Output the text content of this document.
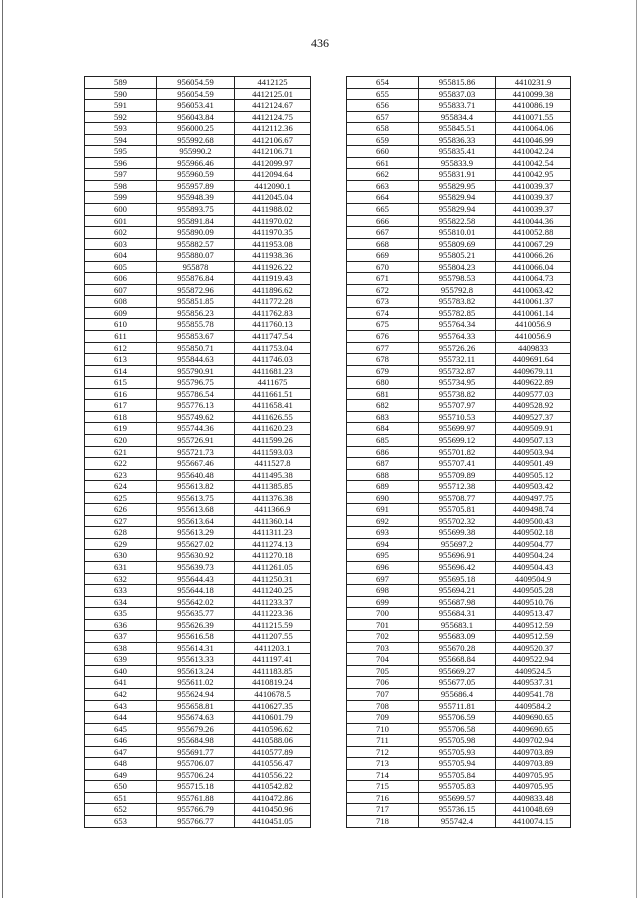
436
589	956054.59	4412125
590	956054.59	4412125.01
591	956053.41	4412124.67
592	956043.84	4412124.75
593	956000.25	4412112.36
594	955992.68	4412106.67
595	955990.2	4412106.71
596	955966.46	4412099.97
597	955960.59	4412094.64
598	955957.89	4412090.1
599	955948.39	4412045.04
600	955893.75	4411988.02
601	955891.84	4411970.02
602	955890.09	4411970.35
603	955882.57	4411953.08
604	955880.07	4411938.36
605	955878	4411926.22
606	955876.84	4411919.43
607	955872.96	4411896.62
608	955851.85	4411772.28
609	955856.23	4411762.83
610	955855.78	4411760.13
611	955853.67	4411747.54
612	955850.71	4411753.04
613	955844.63	4411746.03
614	955790.91	4411681.23
615	955796.75	4411675
616	955786.54	4411661.51
617	955776.13	4411658.41
618	955749.62	4411626.55
619	955744.36	4411620.23
620	955726.91	4411599.26
621	955721.73	4411593.03
622	955667.46	4411527.8
623	955640.48	4411495.38
624	955613.82	4411385.85
625	955613.75	4411376.38
626	955613.68	4411366.9
627	955613.64	4411360.14
628	955613.29	4411311.23
629	955627.02	4411274.13
630	955630.92	4411270.18
631	955639.73	4411261.05
632	955644.43	4411250.31
633	955644.18	4411240.25
634	955642.02	4411233.37
635	955635.77	4411223.36
636	955626.39	4411215.59
637	955616.58	4411207.55
638	955614.31	4411203.1
639	955613.33	4411197.41
640	955613.24	4411183.85
641	955611.02	4410819.24
642	955624.94	4410678.5
643	955658.81	4410627.35
644	955674.63	4410601.79
645	955679.26	4410596.62
646	955684.98	4410588.06
647	955691.77	4410577.89
648	955706.07	4410556.47
649	955706.24	4410556.22
650	955715.18	4410542.82
651	955761.88	4410472.86
652	955766.79	4410450.96
653	955766.77	4410451.05
654	955815.86	4410231.9
655	955837.03	4410099.38
656	955833.71	4410086.19
657	955834.4	4410071.55
658	955845.51	4410064.06
659	955836.33	4410046.99
660	955835.41	4410042.24
661	955833.9	4410042.54
662	955831.91	4410042.95
663	955829.95	4410039.37
664	955829.94	4410039.37
665	955829.94	4410039.37
666	955822.58	4410044.36
667	955810.01	4410052.88
668	955809.69	4410067.29
669	955805.21	4410066.26
670	955804.23	4410066.04
671	955798.53	4410064.73
672	955792.8	4410063.42
673	955783.82	4410061.37
674	955782.85	4410061.14
675	955764.34	4410056.9
676	955764.33	4410056.9
677	955726.26	4409833
678	955732.11	4409691.64
679	955732.87	4409679.11
680	955734.95	4409622.89
681	955738.82	4409577.03
682	955707.97	4409528.92
683	955710.53	4409527.37
684	955699.97	4409509.91
685	955699.12	4409507.13
686	955701.82	4409503.94
687	955707.41	4409501.49
688	955709.89	4409505.12
689	955712.38	4409503.42
690	955708.77	4409497.75
691	955705.81	4409498.74
692	955702.32	4409500.43
693	955699.38	4409502.18
694	955697.2	4409504.77
695	955696.91	4409504.24
696	955696.42	4409504.43
697	955695.18	4409504.9
698	955694.21	4409505.28
699	955687.98	4409510.76
700	955684.31	4409513.47
701	955683.1	4409512.59
702	955683.09	4409512.59
703	955670.28	4409520.37
704	955668.84	4409522.94
705	955669.27	4409524.5
706	955677.05	4409537.31
707	955686.4	4409541.78
708	955711.81	4409584.2
709	955706.59	4409690.65
710	955706.58	4409690.65
711	955705.98	4409702.94
712	955705.93	4409703.89
713	955705.94	4409703.89
714	955705.84	4409705.95
715	955705.83	4409705.95
716	955699.57	4409833.48
717	955736.15	4410048.69
718	955742.4	4410074.15
